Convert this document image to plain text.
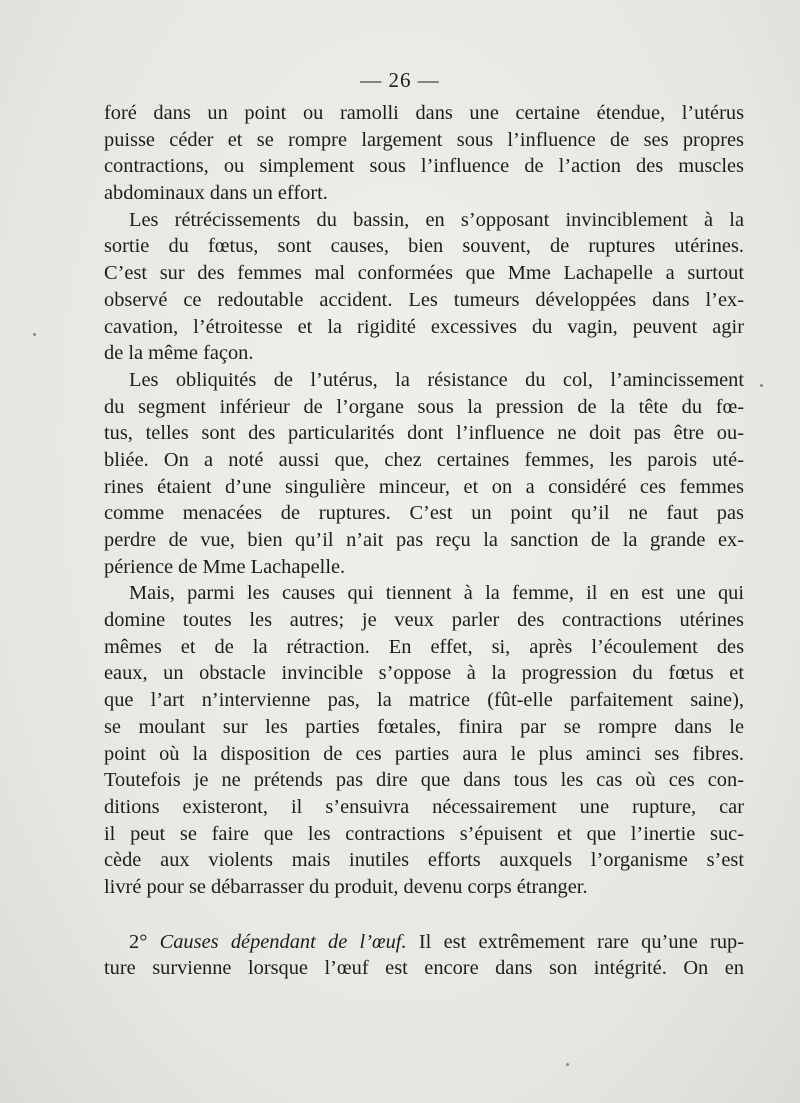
— 26 —
foré dans un point ou ramolli dans une certaine étendue, l’utérus
puisse céder et se rompre largement sous l’influence de ses propres
contractions, ou simplement sous l’influence de l’action des muscles
abdominaux dans un effort.
Les rétrécissements du bassin, en s’opposant invinciblement à la
sortie du fœtus, sont causes, bien souvent, de ruptures utérines.
C’est sur des femmes mal conformées que Mme Lachapelle a surtout
observé ce redoutable accident. Les tumeurs développées dans l’ex-
cavation, l’étroitesse et la rigidité excessives du vagin, peuvent agir
de la même façon.
Les obliquités de l’utérus, la résistance du col, l’amincissement
du segment inférieur de l’organe sous la pression de la tête du fœ-
tus, telles sont des particularités dont l’influence ne doit pas être ou-
bliée. On a noté aussi que, chez certaines femmes, les parois uté-
rines étaient d’une singulière minceur, et on a considéré ces femmes
comme menacées de ruptures. C’est un point qu’il ne faut pas
perdre de vue, bien qu’il n’ait pas reçu la sanction de la grande ex-
périence de Mme Lachapelle.
Mais, parmi les causes qui tiennent à la femme, il en est une qui
domine toutes les autres; je veux parler des contractions utérines
mêmes et de la rétraction. En effet, si, après l’écoulement des
eaux, un obstacle invincible s’oppose à la progression du fœtus et
que l’art n’intervienne pas, la matrice (fût-elle parfaitement saine),
se moulant sur les parties fœtales, finira par se rompre dans le
point où la disposition de ces parties aura le plus aminci ses fibres.
Toutefois je ne prétends pas dire que dans tous les cas où ces con-
ditions existeront, il s’ensuivra nécessairement une rupture, car
il peut se faire que les contractions s’épuisent et que l’inertie suc-
cède aux violents mais inutiles efforts auxquels l’organisme s’est
livré pour se débarrasser du produit, devenu corps étranger.
2° Causes dépendant de l’œuf. Il est extrêmement rare qu’une rup-
ture survienne lorsque l’œuf est encore dans son intégrité. On en
